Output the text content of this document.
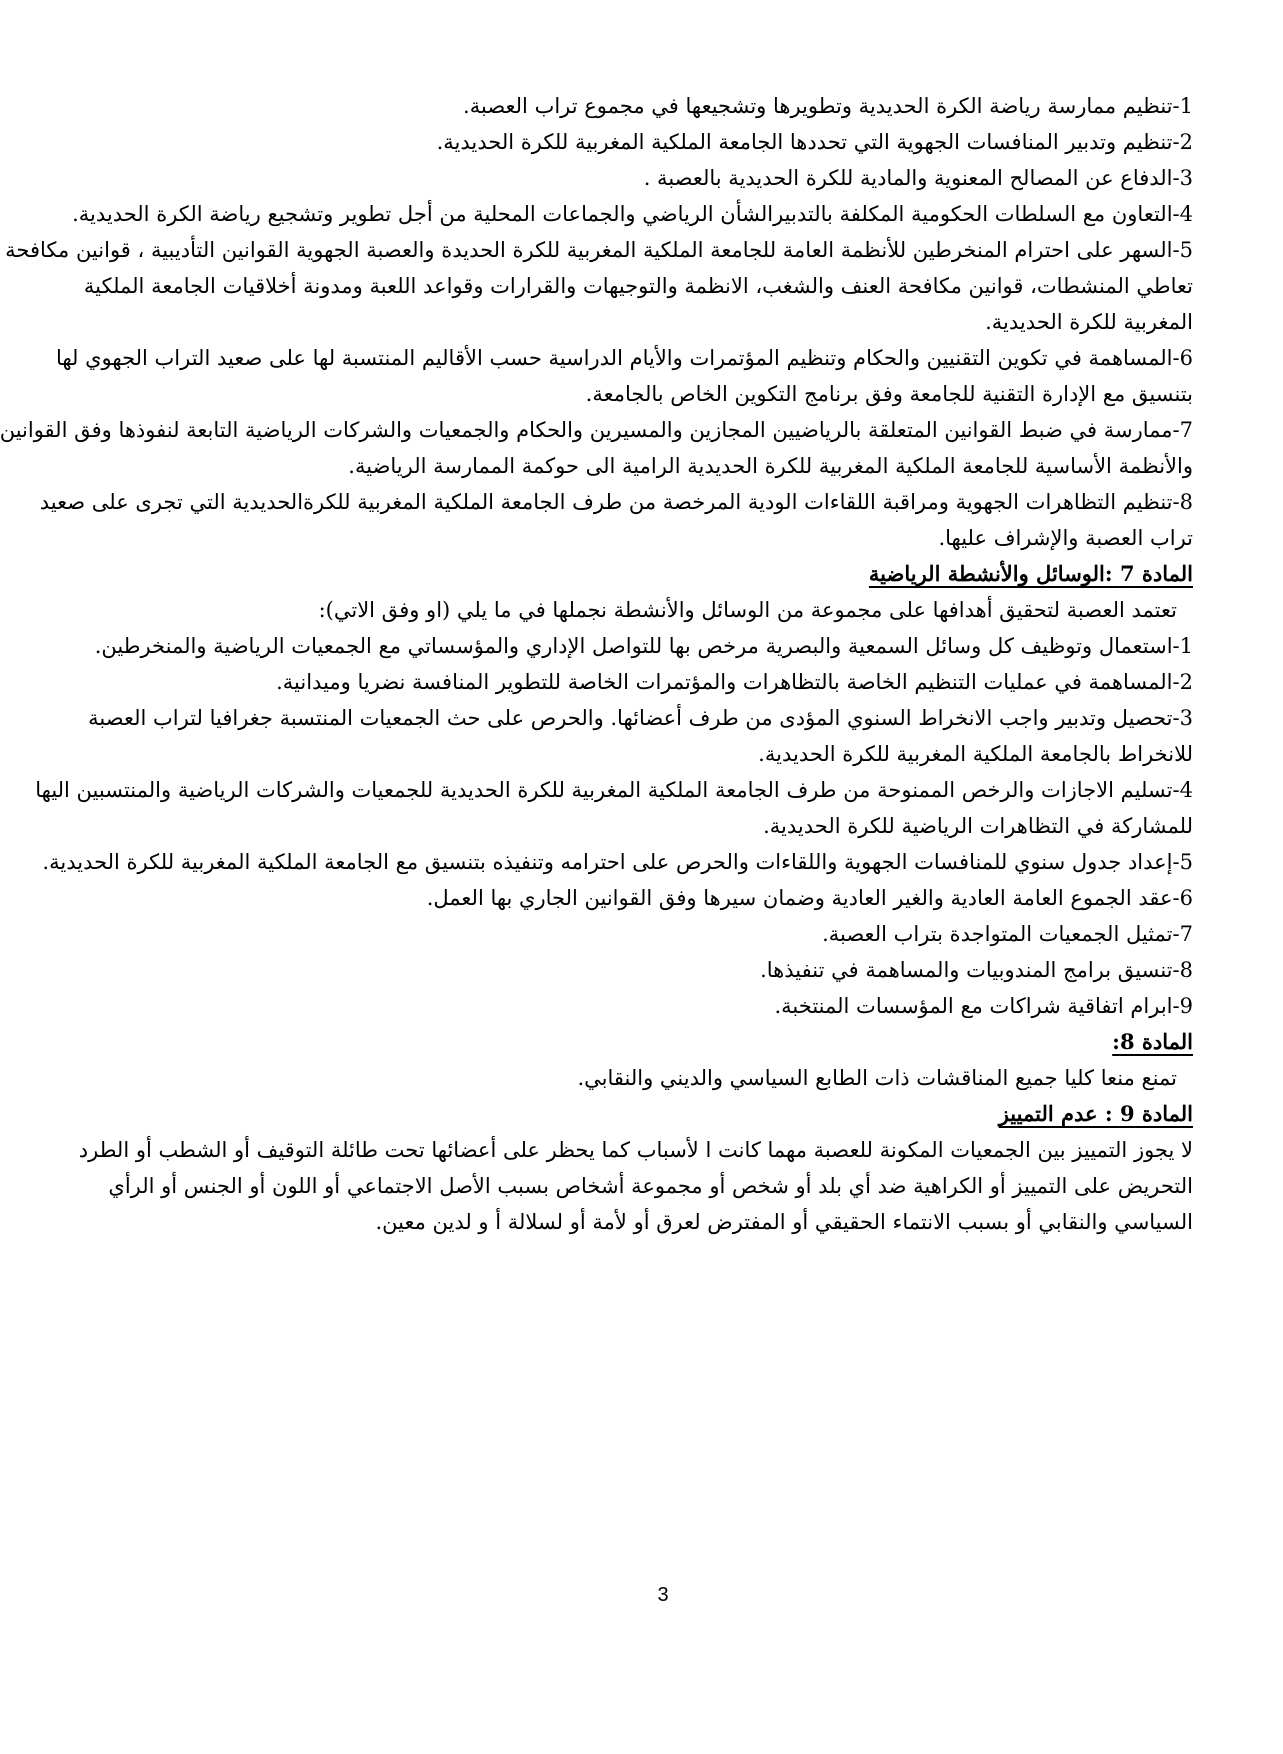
1-تنظيم ممارسة رياضة الكرة الحديدية وتطويرها وتشجيعها في مجموع تراب العصبة.
2-تنظيم وتدبير المنافسات الجهوية التي تحددها الجامعة الملكية المغربية للكرة الحديدية.
3-الدفاع عن المصالح المعنوية والمادية للكرة الحديدية بالعصبة .
4-التعاون مع السلطات الحكومية المكلفة بالتدبيرالشأن الرياضي والجماعات المحلية من أجل تطوير وتشجيع رياضة الكرة الحديدية.
5-السهر على احترام المنخرطين للأنظمة العامة للجامعة الملكية المغربية للكرة الحديدة والعصبة الجهوية القوانين التأديبية ، قوانين مكافحة
تعاطي المنشطات، قوانين مكافحة العنف والشغب، الانظمة والتوجيهات والقرارات وقواعد اللعبة ومدونة أخلاقيات الجامعة الملكية
المغربية للكرة الحديدية.
6-المساهمة في تكوين التقنيين والحكام وتنظيم المؤتمرات والأيام الدراسية حسب الأقاليم المنتسبة لها على صعيد التراب الجهوي لها
بتنسيق مع الإدارة التقنية للجامعة وفق برنامج التكوين الخاص بالجامعة.
7-ممارسة في ضبط القوانين المتعلقة بالرياضيين المجازين والمسيرين والحكام والجمعيات والشركات الرياضية التابعة لنفوذها وفق القوانين
والأنظمة الأساسية للجامعة الملكية المغربية للكرة الحديدية الرامية الى حوكمة الممارسة الرياضية.
8-تنظيم التظاهرات الجهوية ومراقبة اللقاءات الودية المرخصة من طرف الجامعة الملكية المغربية للكرةالحديدية التي تجرى على صعيد
تراب العصبة والإشراف عليها.
المادة 7 :الوسائل والأنشطة الرياضية
تعتمد العصبة لتحقيق أهدافها على مجموعة من الوسائل والأنشطة نجملها في ما يلي (او وفق الاتي):
1-استعمال وتوظيف كل وسائل السمعية والبصرية مرخص بها للتواصل الإداري والمؤسساتي مع الجمعيات الرياضية والمنخرطين.
2-المساهمة في عمليات التنظيم الخاصة بالتظاهرات والمؤتمرات الخاصة للتطوير المنافسة نضريا وميدانية.
3-تحصيل وتدبير واجب الانخراط السنوي المؤدى من طرف أعضائها. والحرص على حث الجمعيات المنتسبة جغرافيا لتراب العصبة
للانخراط بالجامعة الملكية المغربية للكرة الحديدية.
4-تسليم الاجازات والرخص الممنوحة من طرف الجامعة الملكية المغربية للكرة الحديدية للجمعيات والشركات الرياضية والمنتسبين اليها
للمشاركة في التظاهرات الرياضية للكرة الحديدية.
5-إعداد جدول سنوي للمنافسات الجهوية واللقاءات والحرص على احترامه وتنفيذه بتنسيق مع الجامعة الملكية المغربية للكرة الحديدية.
6-عقد الجموع العامة العادية والغير العادية وضمان سيرها وفق القوانين الجاري بها العمل.
7-تمثيل الجمعيات المتواجدة بتراب العصبة.
8-تنسيق برامج المندوبيات والمساهمة في تنفيذها.
9-ابرام اتفاقية شراكات مع المؤسسات المنتخبة.
المادة 8:
تمنع منعا كليا جميع المناقشات ذات الطابع السياسي والديني والنقابي.
المادة 9 : عدم التمييز
لا يجوز التمييز بين الجمعيات المكونة للعصبة مهما كانت ا لأسباب كما يحظر على أعضائها تحت طائلة التوقيف أو الشطب أو الطرد
التحريض على التمييز أو الكراهية ضد أي بلد أو شخص أو مجموعة أشخاص بسبب الأصل الاجتماعي أو اللون أو الجنس أو الرأي
السياسي والنقابي أو بسبب الانتماء الحقيقي أو المفترض لعرق أو لأمة أو لسلالة أ و لدين معين.
3
